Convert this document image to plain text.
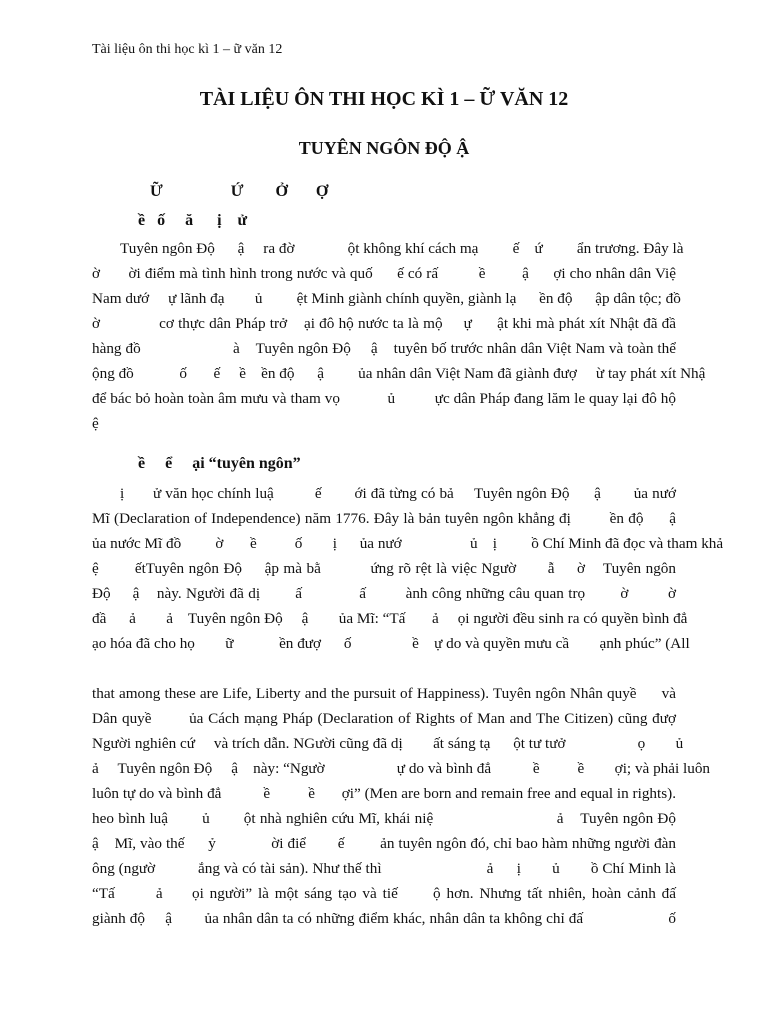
Tài liệu ôn thi học kì 1 – ữ văn 12
TÀI LIỆU ÔN THI HỌC KÌ 1 – Ữ VĂN 12
TUYÊN NGÔN ĐỘ Ậ
Ữ                 Ứ        Ở       Ợ
ề   ố     ă      ị    ử
Tuyên ngôn Độ      ậ     ra đờ              ột không khí cách mạ         ế    ứ         ẩn trương. Đây là
ờ       ời điểm mà tình hình trong nước và quố      ế có rấ          ề         ậ      ợi cho nhân dân Việ
Nam dướ     ự lãnh đạ        ủ         ệt Minh giành chính quyền, giành lạ      ền độ      ập dân tộc; đồ
ờ              cơ thực dân Pháp trở    ại đô hộ nước ta là mộ     ự      ật khi mà phát xít Nhật đã đầ
hàng đồ                       à    Tuyên ngôn Độ     ậ    tuyên bố trước nhân dân Việt Nam và toàn thể
ộng đồ            ố       ế     ề    ền độ      ậ         ủa nhân dân Việt Nam đã giành đượ     ừ tay phát xít Nhậ
để bác bỏ hoàn toàn âm mưu và tham vọ            ủ          ực dân Pháp đang lăm le quay lại đô hộ
ệ
ề     ể     ại “tuyên ngôn”
ị       ử văn học chính luậ          ế        ới đã từng có bả     Tuyên ngôn Độ      ậ        ủa nướ
Mĩ (Declaration of Independence) năm 1776. Đây là bản tuyên ngôn khẳng đị         ền độ      ậ
ủa nước Mĩ đồ         ờ       ề          ố        ị      ủa nướ                  ủ    ị         ồ Chí Minh đã đọc và tham khả
ệ        ếtTuyên ngôn Độ     ập mà bằ           ứng rõ rệt là việc Ngườ       ẫ     ờ    Tuyên ngôn
Độ     ậ    này. Người đã dị        ấ             ấ         ành công những câu quan trọ        ờ         ờ
đầ      ả        ả    Tuyên ngôn Độ     ậ        ủa Mĩ: “Tấ       ả     ọi người đều sinh ra có quyền bình đẳ
ạo hóa đã cho họ        ữ            ền đượ      ố                ề    ự do và quyền mưu cầ        ạnh phúc” (All
that among these are Life, Liberty and the pursuit of Happiness). Tuyên ngôn Nhân quyề      và
Dân quyề        ủa Cách mạng Pháp (Declaration of Rights of Man and The Citizen) cũng đượ
Người nghiên cứ     và trích dẫn. NGười cũng đã dị        ất sáng tạ      ột tư tưở                   ọ        ủ
ả     Tuyên ngôn Độ     ậ    này: “Ngườ                   ự do và bình đẳ           ề          ề        ợi; và phải luôn
luôn tự do và bình đẳ           ề          ề       ợi” (Men are born and remain free and equal in rights).
heo bình luậ        ủ        ột nhà nghiên cứu Mĩ, khái niệ                             ả    Tuyên ngôn Độ
ậ    Mĩ, vào thế      ỷ              ời điể        ế         ản tuyên ngôn đó, chỉ bao hàm những người đàn
ông (ngườ           ắng và có tài sản). Như thế thì                           ả      ị        ủ        ồ Chí Minh là
“Tấ       ả     ọi người” là một sáng tạo và tiế      ộ hơn. Nhưng tất nhiên, hoàn cảnh đấ
giành độ     ậ        ủa nhân dân ta có những điểm khác, nhân dân ta không chỉ đấ                     ố
